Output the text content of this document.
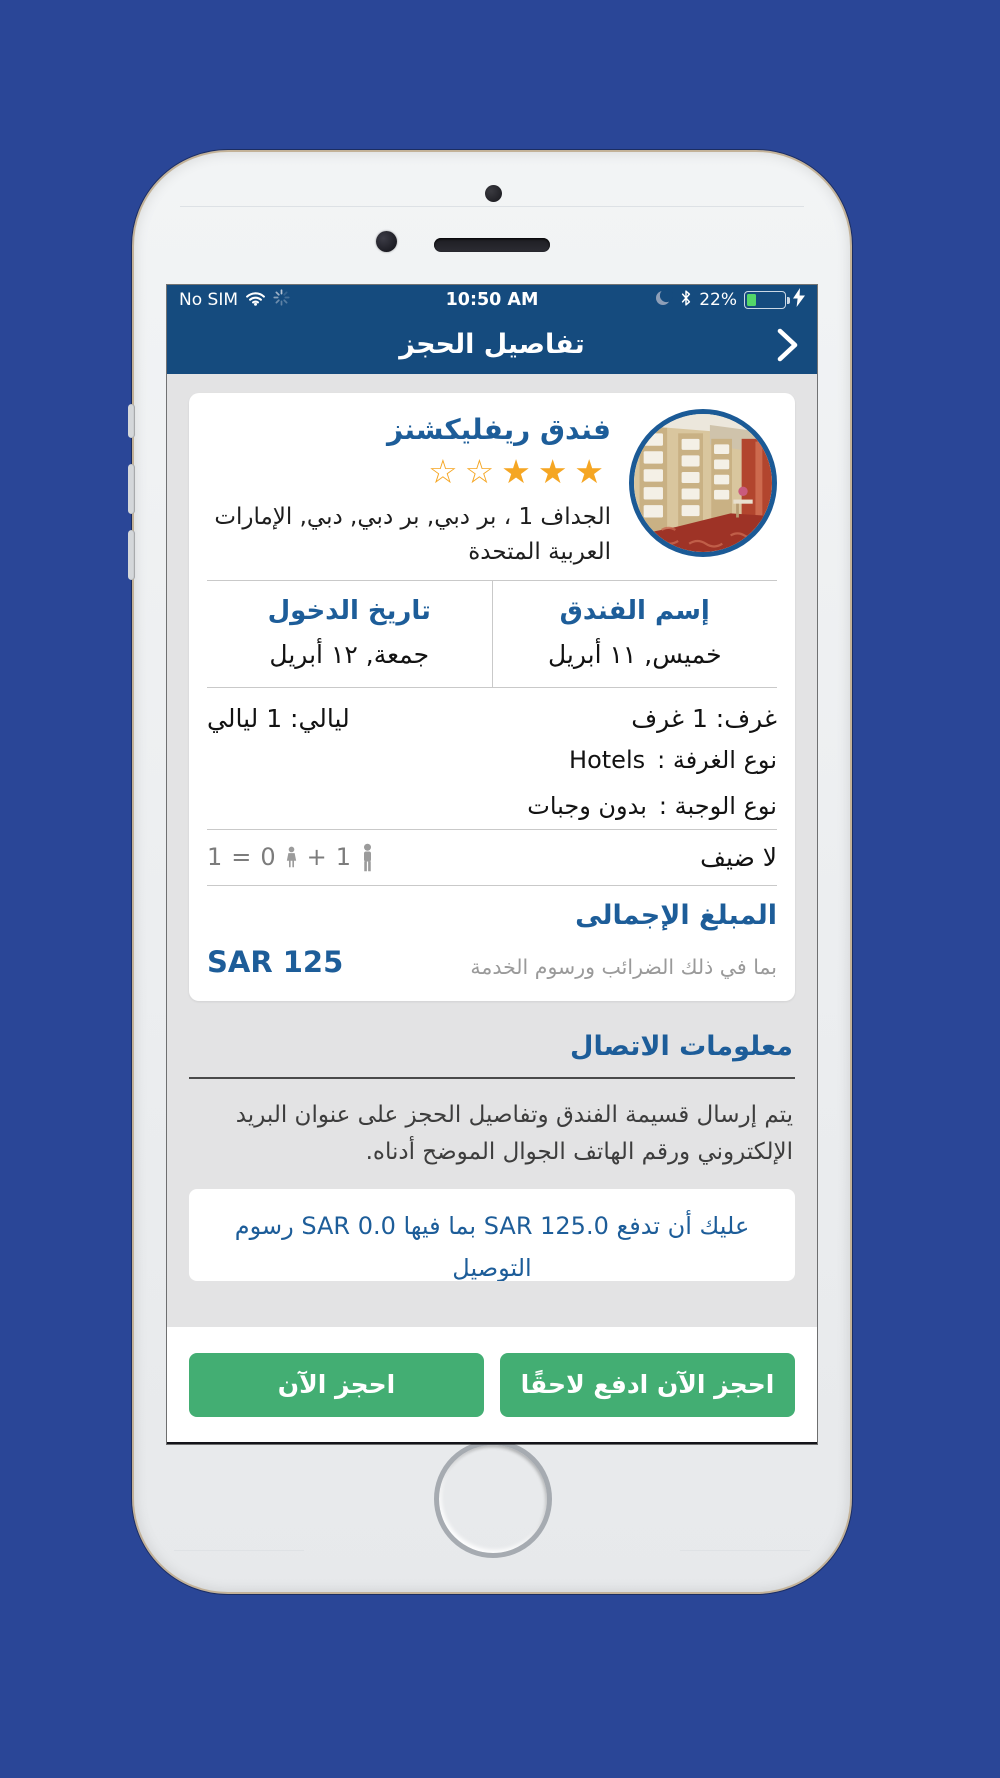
10:50 AM
No SIM	22%
تفاصيل الحجز
فندق ريفليكشنز
☆☆★★★
الجداف 1 ، بر دبي, بر دبي, دبي, الإمارات العربية المتحدة
إسم الفندق
خميس, ١١ أبريل
تاريخ الدخول
جمعة, ١٢ أبريل
غرف: 1 غرف
ليالي: 1 ليالي
نوع الغرفة :
Hotels
نوع الوجبة :
بدون وجبات
لا ضيف
1 = 0 + 1
المبلغ الإجمالى
بما في ذلك الضرائب ورسوم الخدمة
SAR 125
معلومات الاتصال
يتم إرسال قسيمة الفندق وتفاصيل الحجز على عنوان البريد الإلكتروني ورقم الهاتف الجوال الموضح أدناه.
عليك أن تدفع SAR 125.0 بما فيها SAR 0.0 رسوم
التوصيل
احجز الآن ادفع لاحقًا
احجز الآن
